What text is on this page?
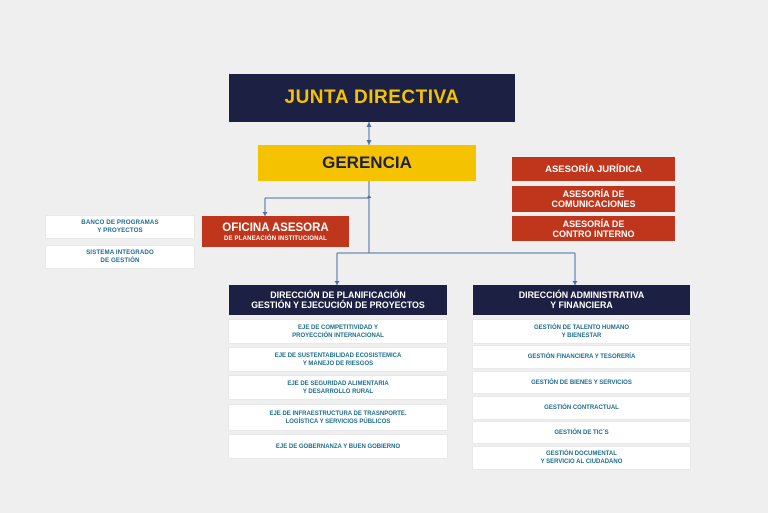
JUNTA DIRECTIVA
GERENCIA
OFICINA ASESORA
DE PLANEACIÓN INSTITUCIONAL
BANCO DE PROGRAMAS
Y PROYECTOS
SISTEMA INTEGRADO
DE GESTIÓN
ASESORÍA JURÍDICA
ASESORÍA DE
COMUNICACIONES
ASESORÍA DE
CONTRO INTERNO
DIRECCIÓN DE PLANIFICACIÓN
GESTIÓN Y EJECUCIÓN DE PROYECTOS
EJE DE COMPETITIVIDAD Y
PROYECCIÓN INTERNACIONAL
EJE DE SUSTENTABILIDAD ECOSISTEMICA
Y MANEJO DE RIESGOS
EJE DE SEGURIDAD ALIMENTARIA
Y DESARROLLO RURAL
EJE DE INFRAESTRUCTURA DE TRASNPORTE.
LOGÍSTICA Y SERVICIOS PÚBLICOS
EJE DE GOBERNANZA Y BUEN GOBIERNO
DIRECCIÓN ADMINISTRATIVA
Y FINANCIERA
GESTIÓN DE TALENTO HUMANO
Y BIENESTAR
GESTIÓN FINANCIERA Y TESORERÍA
GESTIÓN DE BIENES Y SERVICIOS
GESTIÓN CONTRACTUAL
GESTIÓN DE TIC´S
GESTIÓN DOCUMENTAL
Y SERVICIO AL CIUDADANO
